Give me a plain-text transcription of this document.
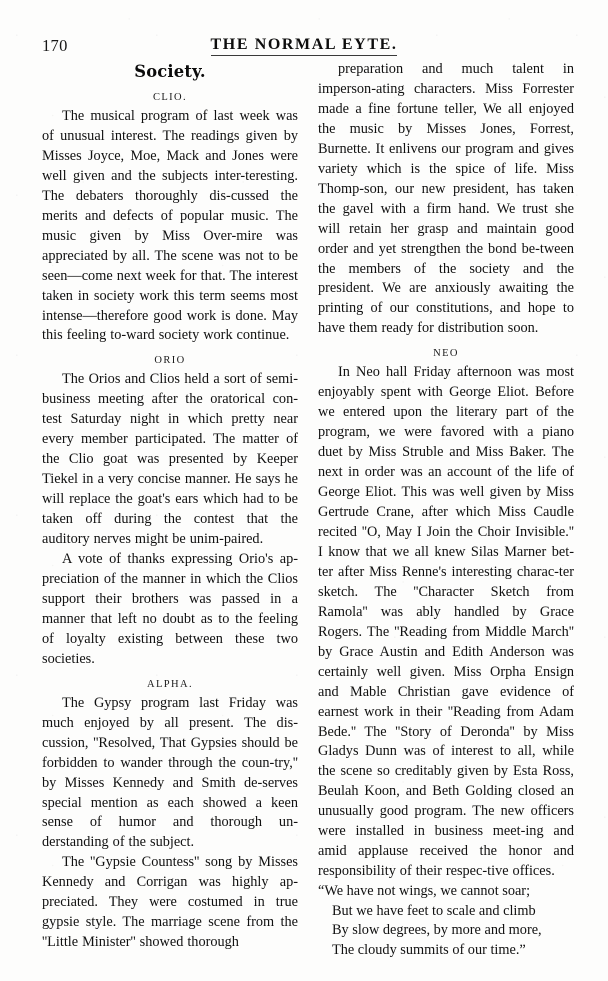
170	THE NORMAL EYTE.
Society.
CLIO.

The musical program of last week was of unusual interest. The readings given by Misses Joyce, Moe, Mack and Jones were well given and the subjects inter-teresting. The debaters thoroughly dis-cussed the merits and defects of popular music. The music given by Miss Over-mire was appreciated by all. The scene was not to be seen—come next week for that. The interest taken in society work this term seems most intense—therefore good work is done. May this feeling to-ward society work continue.

ORIO

The Orios and Clios held a sort of semi-business meeting after the oratorical con-test Saturday night in which pretty near every member participated. The matter of the Clio goat was presented by Keeper Tiekel in a very concise manner. He says he will replace the goat's ears which had to be taken off during the contest that the auditory nerves might be unim-paired.

A vote of thanks expressing Orio's ap-preciation of the manner in which the Clios support their brothers was passed in a manner that left no doubt as to the feeling of loyalty existing between these two societies.

ALPHA.

The Gypsy program last Friday was much enjoyed by all present. The dis-cussion, ''Resolved, That Gypsies should be forbidden to wander through the coun-try,'' by Misses Kennedy and Smith de-serves special mention as each showed a keen sense of humor and thorough un-derstanding of the subject.

The ''Gypsie Countess'' song by Misses Kennedy and Corrigan was highly ap-preciated. They were costumed in true gypsie style. The marriage scene from the ''Little Minister'' showed thorough

preparation and much talent in imperson-ating characters. Miss Forrester made a fine fortune teller, We all enjoyed the music by Misses Jones, Forrest, Burnette. It enlivens our program and gives variety which is the spice of life. Miss Thomp-son, our new president, has taken the gavel with a firm hand. We trust she will retain her grasp and maintain good order and yet strengthen the bond be-tween the members of the society and the president. We are anxiously awaiting the printing of our constitutions, and hope to have them ready for distribution soon.

NEO

In Neo hall Friday afternoon was most enjoyably spent with George Eliot. Before we entered upon the literary part of the program, we were favored with a piano duet by Miss Struble and Miss Baker. The next in order was an account of the life of George Eliot. This was well given by Miss Gertrude Crane, after which Miss Caudle recited ''O, May I Join the Choir Invisible.'' I know that we all knew Silas Marner bet-ter after Miss Renne's interesting charac-ter sketch. The ''Character Sketch from Ramola'' was ably handled by Grace Rogers. The ''Reading from Middle March'' by Grace Austin and Edith Anderson was certainly well given. Miss Orpha Ensign and Mable Christian gave evidence of earnest work in their ''Reading from Adam Bede.'' The ''Story of Deronda'' by Miss Gladys Dunn was of interest to all, while the scene so creditably given by Esta Ross, Beulah Koon, and Beth Golding closed an unusually good program. The new officers were installed in business meet-ing and amid applause received the honor and responsibility of their respec-tive offices.

“We have not wings, we cannot soar;
But we have feet to scale and climb
By slow degrees, by more and more,
The cloudy summits of our time.”
